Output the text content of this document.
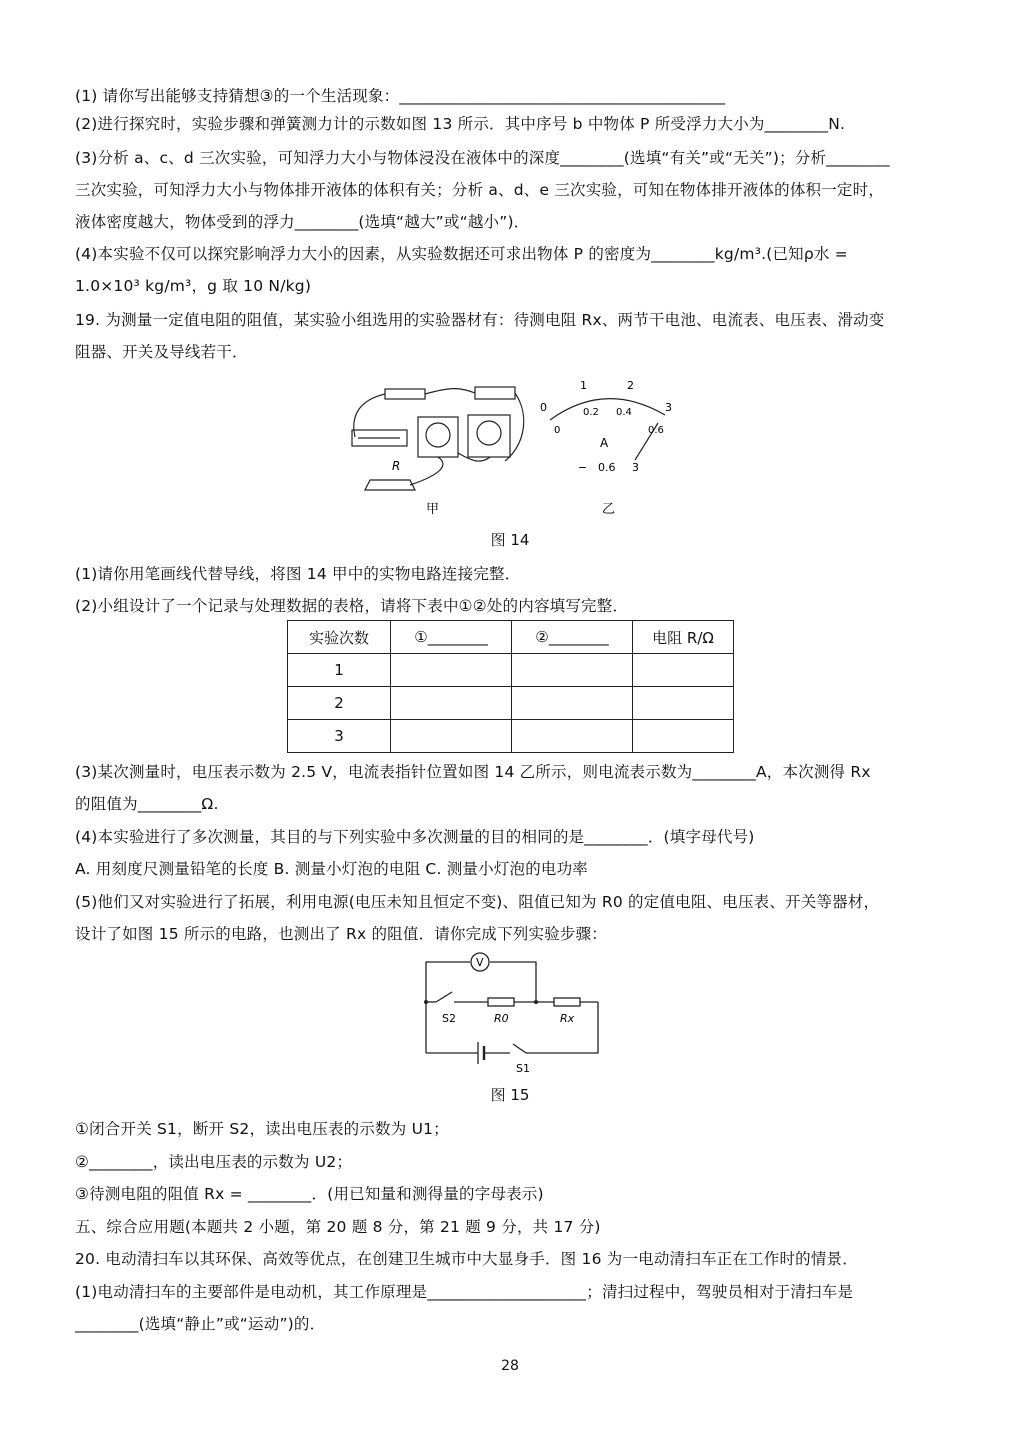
(1) 请你写出能够支持猜想③的一个生活现象：_________________________________________
(2)进行探究时，实验步骤和弹簧测力计的示数如图 13 所示．其中序号 b 中物体 P 所受浮力大小为________N.
(3)分析 a、c、d 三次实验，可知浮力大小与物体浸没在液体中的深度________(选填“有关”或“无关”)；分析________
三次实验，可知浮力大小与物体排开液体的体积有关；分析 a、d、e 三次实验，可知在物体排开液体的体积一定时，
液体密度越大，物体受到的浮力________(选填“越大”或“越小”)．
(4)本实验不仅可以探究影响浮力大小的因素，从实验数据还可求出物体 P 的密度为________kg/m³.(已知ρ水 =
1.0×10³ kg/m³，g 取 10 N/kg)
19. 为测量一定值电阻的阻值，某实验小组选用的实验器材有：待测电阻 Rx、两节干电池、电流表、电压表、滑动变
阻器、开关及导线若干．
R
甲
0
1	2
3
0
0.2 0.4
0.6
A
− 0.6 3
乙
图 14
(1)请你用笔画线代替导线，将图 14 甲中的实物电路连接完整．
(2)小组设计了一个记录与处理数据的表格，请将下表中①②处的内容填写完整．
实验次数	①________	②________	电阻 R/Ω
1			
2			
3			
(3)某次测量时，电压表示数为 2.5 V，电流表指针位置如图 14 乙所示，则电流表示数为________A，本次测得 Rx
的阻值为________Ω.
(4)本实验进行了多次测量，其目的与下列实验中多次测量的目的相同的是________．(填字母代号)
A. 用刻度尺测量铅笔的长度 B. 测量小灯泡的电阻 C. 测量小灯泡的电功率
(5)他们又对实验进行了拓展，利用电源(电压未知且恒定不变)、阻值已知为 R0 的定值电阻、电压表、开关等器材，
设计了如图 15 所示的电路，也测出了 Rx 的阻值．请你完成下列实验步骤：
V
S2	R0	Rx
S1
图 15
①闭合开关 S1，断开 S2，读出电压表的示数为 U1；
②________，读出电压表的示数为 U2；
③待测电阻的阻值 Rx = ________．(用已知量和测得量的字母表示)
五、综合应用题(本题共 2 小题，第 20 题 8 分，第 21 题 9 分，共 17 分)
20. 电动清扫车以其环保、高效等优点，在创建卫生城市中大显身手．图 16 为一电动清扫车正在工作时的情景．
(1)电动清扫车的主要部件是电动机，其工作原理是____________________；清扫过程中，驾驶员相对于清扫车是
________(选填“静止”或“运动”)的．
28
